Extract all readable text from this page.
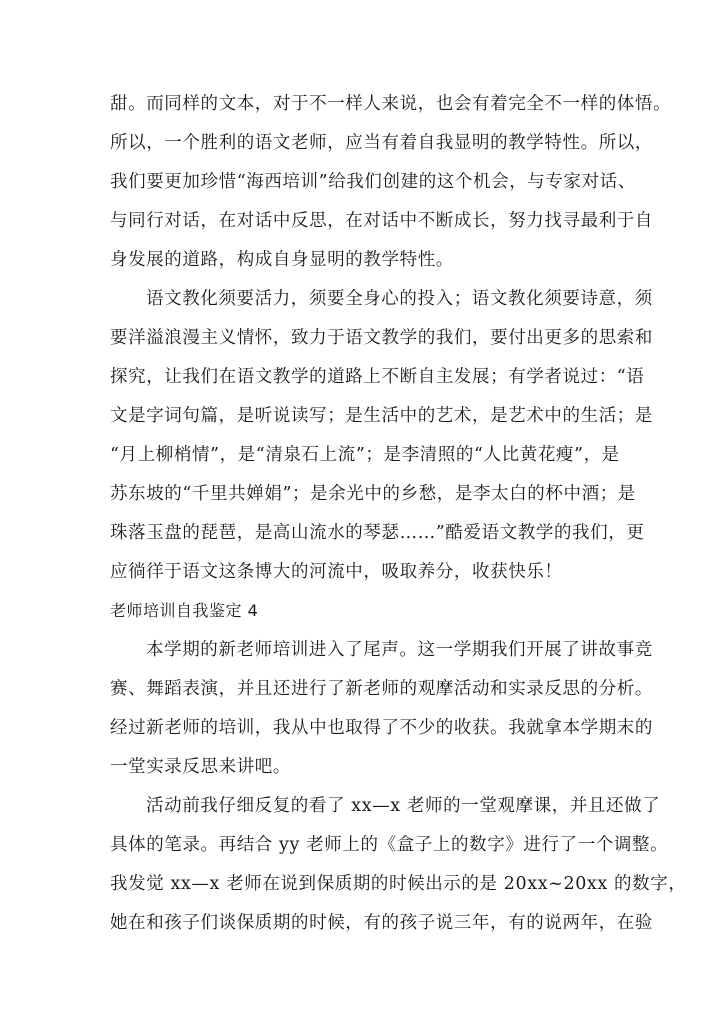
甜。而同样的文本，对于不一样人来说，也会有着完全不一样的体悟。
所以，一个胜利的语文老师，应当有着自我显明的教学特性。所以，
我们要更加珍惜“海西培训”给我们创建的这个机会，与专家对话、
与同行对话，在对话中反思，在对话中不断成长，努力找寻最利于自
身发展的道路，构成自身显明的教学特性。
语文教化须要活力，须要全身心的投入；语文教化须要诗意，须
要洋溢浪漫主义情怀，致力于语文教学的我们，要付出更多的思索和
探究，让我们在语文教学的道路上不断自主发展；有学者说过：“语
文是字词句篇，是听说读写；是生活中的艺术，是艺术中的生活；是
“月上柳梢情”，是“清泉石上流”；是李清照的“人比黄花瘦”，是
苏东坡的“千里共婵娟”；是余光中的乡愁，是李太白的杯中酒；是
珠落玉盘的琵琶，是高山流水的琴瑟……”酷爱语文教学的我们，更
应徜徉于语文这条博大的河流中，吸取养分，收获快乐！
老师培训自我鉴定 4
本学期的新老师培训进入了尾声。这一学期我们开展了讲故事竞
赛、舞蹈表演，并且还进行了新老师的观摩活动和实录反思的分析。
经过新老师的培训，我从中也取得了不少的收获。我就拿本学期末的
一堂实录反思来讲吧。
活动前我仔细反复的看了 xx—x 老师的一堂观摩课，并且还做了
具体的笔录。再结合 yy 老师上的《盒子上的数字》进行了一个调整。
我发觉 xx—x 老师在说到保质期的时候出示的是 20xx~20xx 的数字，
她在和孩子们谈保质期的时候，有的孩子说三年，有的说两年，在验
